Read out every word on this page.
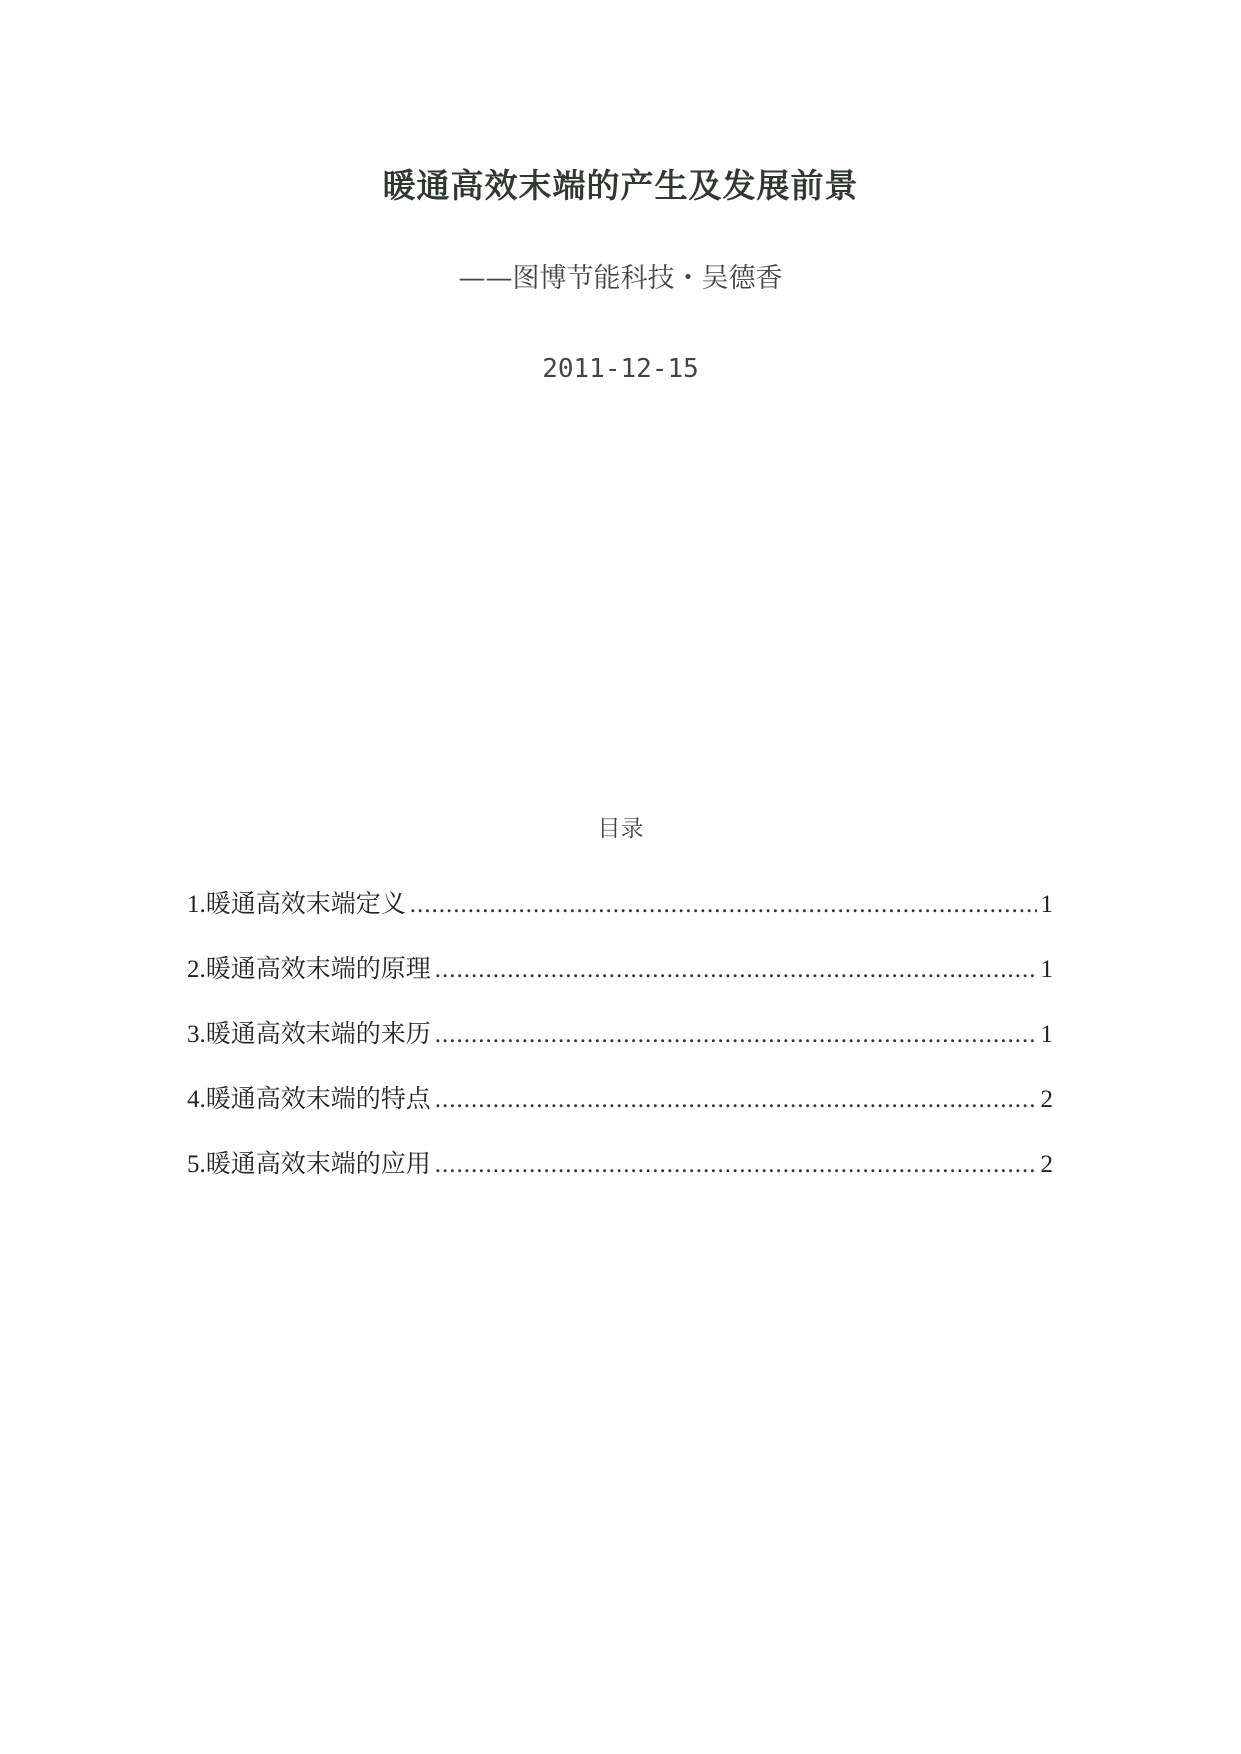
暖通高效末端的产生及发展前景
——图博节能科技・吴德香
2011-12-15
目录
1.暖通高效末端定义 .....	1
2.暖通高效末端的原理 .....	1
3.暖通高效末端的来历 .....	1
4.暖通高效末端的特点 .....	2
5.暖通高效末端的应用 .....	2
